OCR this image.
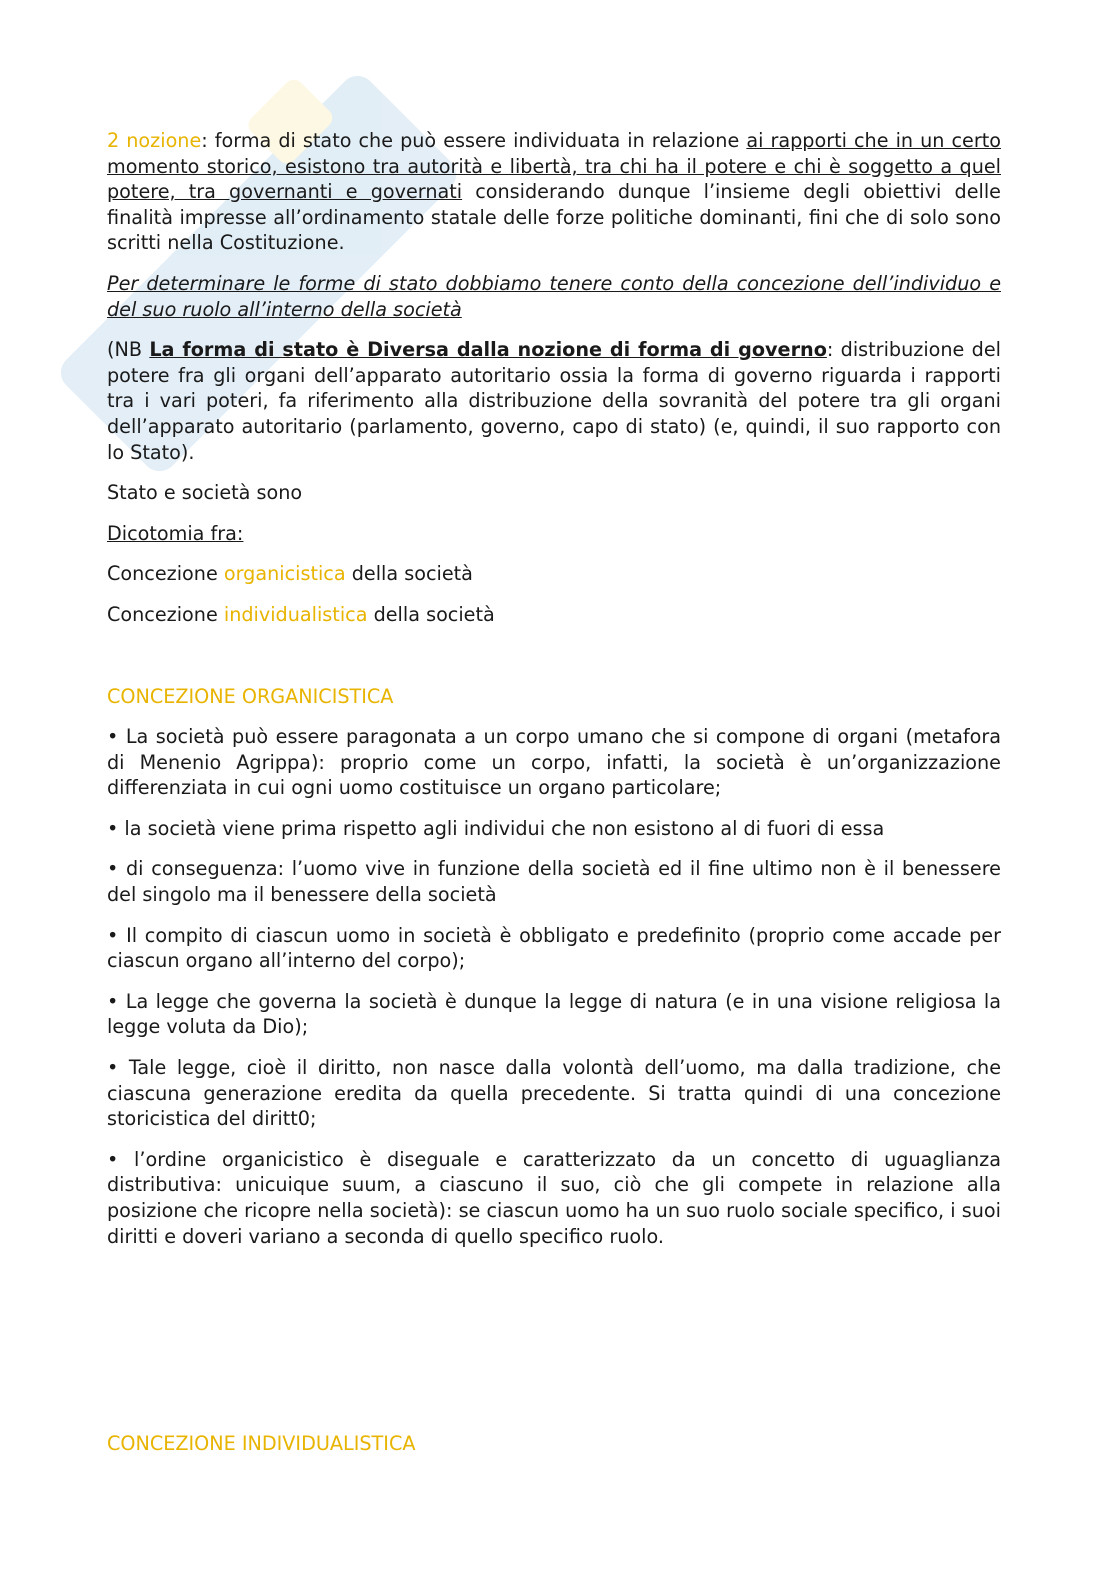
2 nozione: forma di stato che può essere individuata in relazione ai rapporti che in un certo momento storico, esistono tra autorità e libertà, tra chi ha il potere e chi è soggetto a quel potere, tra governanti e governati considerando dunque l’insieme degli obiettivi delle finalità impresse all’ordinamento statale delle forze politiche dominanti, fini che di solo sono scritti nella Costituzione.

Per determinare le forme di stato dobbiamo tenere conto della concezione dell’individuo e del suo ruolo all’interno della società

(NB La forma di stato è Diversa dalla nozione di forma di governo: distribuzione del potere fra gli organi dell’apparato autoritario ossia la forma di governo riguarda i rapporti tra i vari poteri, fa riferimento alla distribuzione della sovranità del potere tra gli organi dell’apparato autoritario (parlamento, governo, capo di stato) (e, quindi, il suo rapporto con lo Stato).

Stato e società sono

Dicotomia fra:

Concezione organicistica della società

Concezione individualistica della società

CONCEZIONE ORGANICISTICA

• La società può essere paragonata a un corpo umano che si compone di organi (metafora di Menenio Agrippa): proprio come un corpo, infatti, la società è un’organizzazione differenziata in cui ogni uomo costituisce un organo particolare;

• la società viene prima rispetto agli individui che non esistono al di fuori di essa

• di conseguenza: l’uomo vive in funzione della società ed il fine ultimo non è il benessere del singolo ma il benessere della società

• Il compito di ciascun uomo in società è obbligato e predefinito (proprio come accade per ciascun organo all’interno del corpo);

• La legge che governa la società è dunque la legge di natura (e in una visione religiosa la legge voluta da Dio);

• Tale legge, cioè il diritto, non nasce dalla volontà dell’uomo, ma dalla tradizione, che ciascuna generazione eredita da quella precedente. Si tratta quindi di una concezione storicistica del diritt0;

• l’ordine organicistico è diseguale e caratterizzato da un concetto di uguaglianza distributiva: unicuique suum, a ciascuno il suo, ciò che gli compete in relazione alla posizione che ricopre nella società): se ciascun uomo ha un suo ruolo sociale specifico, i suoi diritti e doveri variano a seconda di quello specifico ruolo.

CONCEZIONE INDIVIDUALISTICA
